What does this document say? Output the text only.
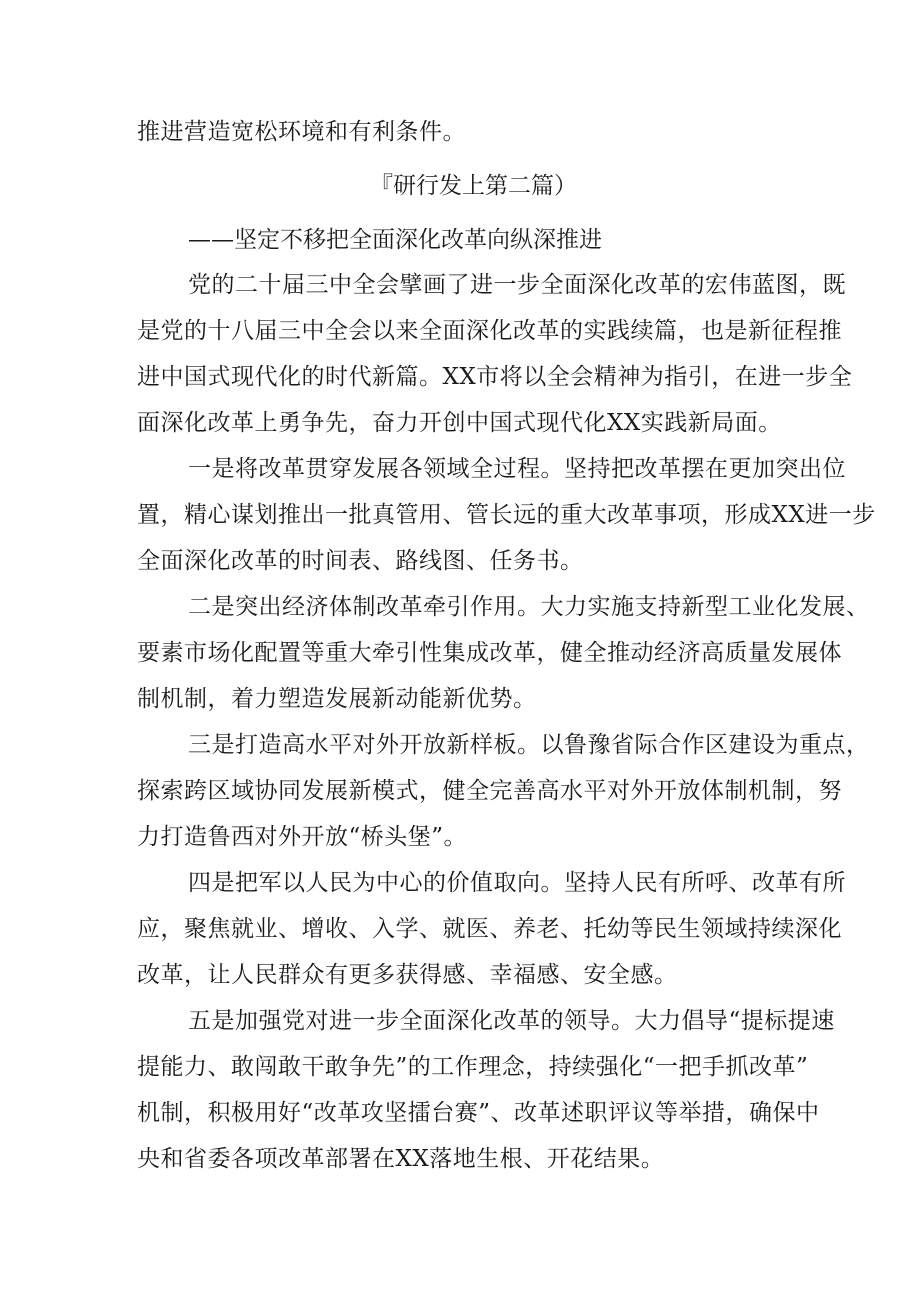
推进营造宽松环境和有利条件。
『研行发上第二篇）
——坚定不移把全面深化改革向纵深推进
党的二十届三中全会擘画了进一步全面深化改革的宏伟蓝图，既
是党的十八届三中全会以来全面深化改革的实践续篇，也是新征程推
进中国式现代化的时代新篇。XX市将以全会精神为指引，在进一步全
面深化改革上勇争先，奋力开创中国式现代化XX实践新局面。
一是将改革贯穿发展各领域全过程。坚持把改革摆在更加突出位
置，精心谋划推出一批真管用、管长远的重大改革事项，形成XX进一步
全面深化改革的时间表、路线图、任务书。
二是突出经济体制改革牵引作用。大力实施支持新型工业化发展、
要素市场化配置等重大牵引性集成改革，健全推动经济高质量发展体
制机制，着力塑造发展新动能新优势。
三是打造高水平对外开放新样板。以鲁豫省际合作区建设为重点，
探索跨区域协同发展新模式，健全完善高水平对外开放体制机制，努
力打造鲁西对外开放“桥头堡”。
四是把军以人民为中心的价值取向。坚持人民有所呼、改革有所
应，聚焦就业、增收、入学、就医、养老、托幼等民生领域持续深化
改革，让人民群众有更多获得感、幸福感、安全感。
五是加强党对进一步全面深化改革的领导。大力倡导“提标提速
提能力、敢闯敢干敢争先”的工作理念，持续强化“一把手抓改革”
机制，积极用好“改革攻坚擂台赛”、改革述职评议等举措，确保中
央和省委各项改革部署在XX落地生根、开花结果。
